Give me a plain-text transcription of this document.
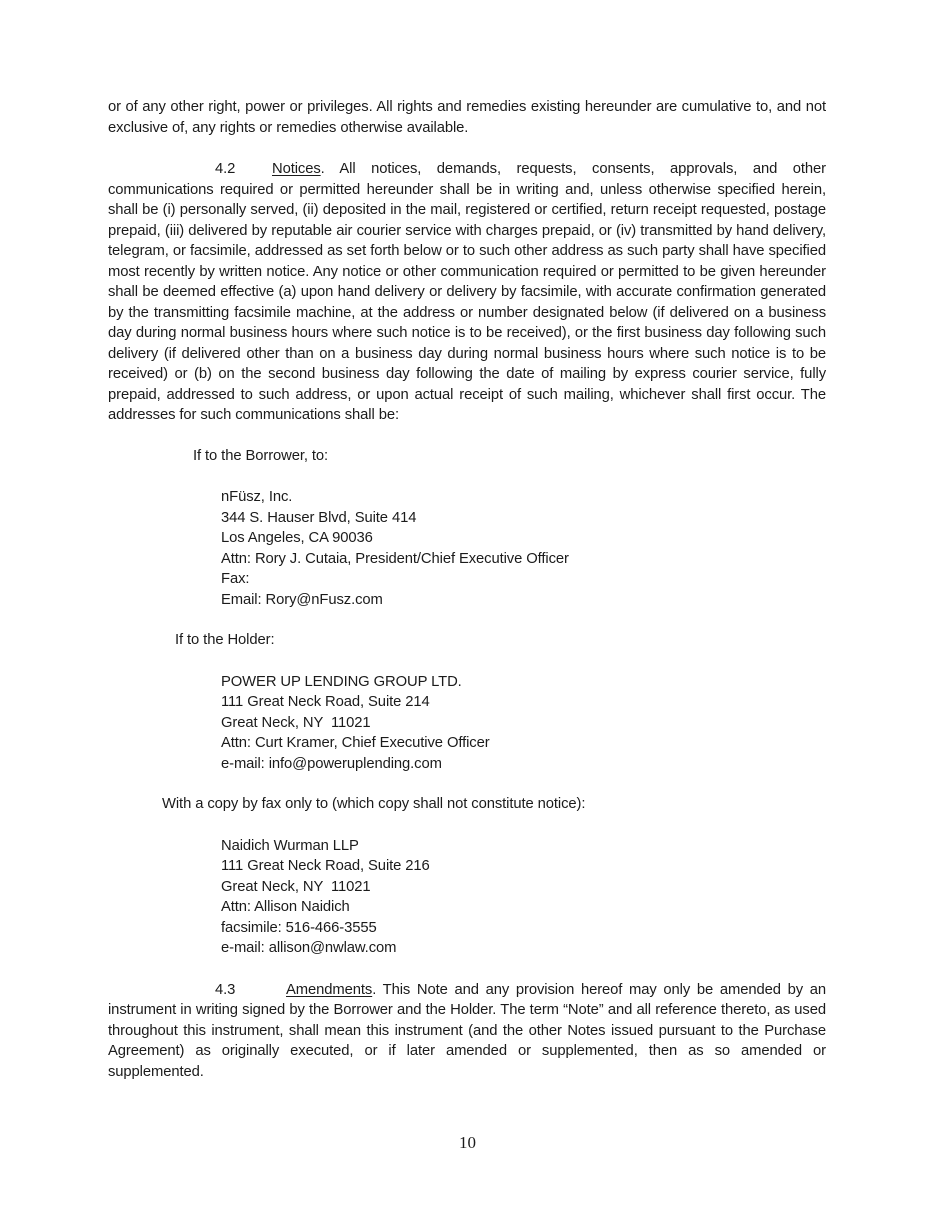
or of any other right, power or privileges. All rights and remedies existing hereunder are cumulative to, and not exclusive of, any rights or remedies otherwise available.

4.2 Notices. All notices, demands, requests, consents, approvals, and other communications required or permitted hereunder shall be in writing and, unless otherwise specified herein, shall be (i) personally served, (ii) deposited in the mail, registered or certified, return receipt requested, postage prepaid, (iii) delivered by reputable air courier service with charges prepaid, or (iv) transmitted by hand delivery, telegram, or facsimile, addressed as set forth below or to such other address as such party shall have specified most recently by written notice. Any notice or other communication required or permitted to be given hereunder shall be deemed effective (a) upon hand delivery or delivery by facsimile, with accurate confirmation generated by the transmitting facsimile machine, at the address or number designated below (if delivered on a business day during normal business hours where such notice is to be received), or the first business day following such delivery (if delivered other than on a business day during normal business hours where such notice is to be received) or (b) on the second business day following the date of mailing by express courier service, fully prepaid, addressed to such address, or upon actual receipt of such mailing, whichever shall first occur. The addresses for such communications shall be:

If to the Borrower, to:

nFüsz, Inc.
344 S. Hauser Blvd, Suite 414
Los Angeles, CA 90036
Attn: Rory J. Cutaia, President/Chief Executive Officer
Fax:
Email: Rory@nFusz.com

If to the Holder:

POWER UP LENDING GROUP LTD.
111 Great Neck Road, Suite 214
Great Neck, NY  11021
Attn: Curt Kramer, Chief Executive Officer
e-mail: info@poweruplending.com

With a copy by fax only to (which copy shall not constitute notice):

Naidich Wurman LLP
111 Great Neck Road, Suite 216
Great Neck, NY  11021
Attn: Allison Naidich
facsimile: 516-466-3555
e-mail: allison@nwlaw.com

4.3	Amendments. This Note and any provision hereof may only be amended by an instrument in writing signed by the Borrower and the Holder. The term “Note” and all reference thereto, as used throughout this instrument, shall mean this instrument (and the other Notes issued pursuant to the Purchase Agreement) as originally executed, or if later amended or supplemented, then as so amended or supplemented.

10
